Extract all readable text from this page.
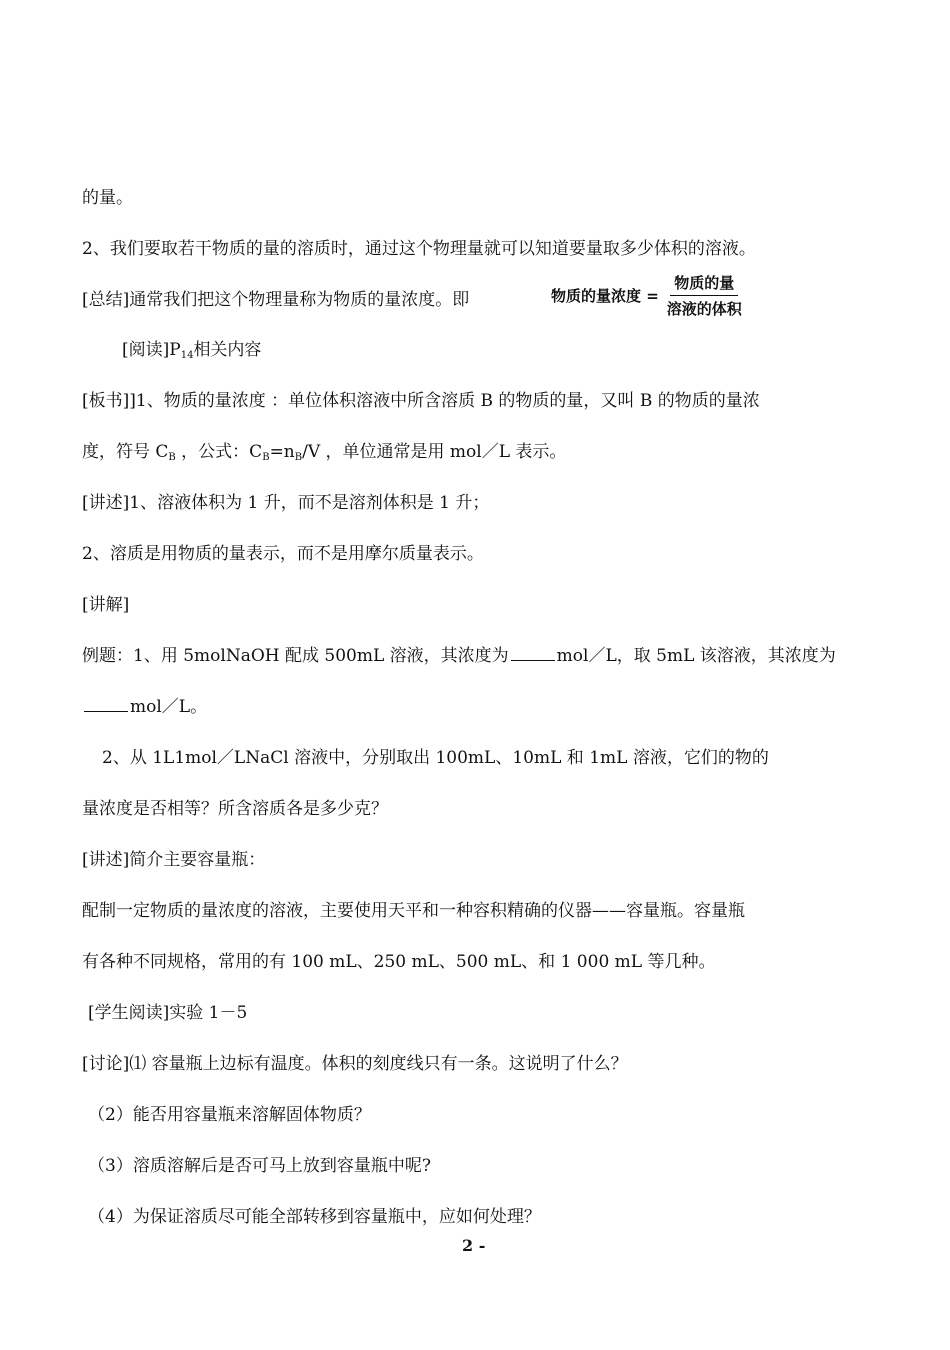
的量。
2、我们要取若干物质的量的溶质时，通过这个物理量就可以知道要量取多少体积的溶液。
[总结]通常我们把这个物理量称为物质的量浓度。即	物质的量浓度 = $\frac{\text{物质的量}}{\text{溶液的体积}}$
[阅读]$P_{14}$相关内容
[板书]]1、物质的量浓度 ：单位体积溶液中所含溶质 B 的物质的量，又叫 B 的物质的量浓
度，符号 $C_B$ ，公式：$C_B=n_B/V$ ，单位通常是用 mol／L 表示。
[讲述]1、溶液体积为 1 升，而不是溶剂体积是 1 升；
2、溶质是用物质的量表示，而不是用摩尔质量表示。
[讲解]
例题：1、用 5molNaOH 配成 500mL 溶液，其浓度为	mol／L，取 5mL 该溶液，其浓度为
mol／L。
2、从 1L1mol／LNaCl 溶液中，分别取出 100mL、10mL 和 1mL 溶液，它们的物的
量浓度是否相等？所含溶质各是多少克？
[讲述]简介主要容量瓶：
配制一定物质的量浓度的溶液，主要使用天平和一种容积精确的仪器——容量瓶。容量瓶
有各种不同规格，常用的有 100 mL、250 mL、500 mL、和 1 000 mL 等几种。
[学生阅读]实验 1－5
[讨论]⑴ 容量瓶上边标有温度。体积的刻度线只有一条。这说明了什么？
（2）能否用容量瓶来溶解固体物质？
（3）溶质溶解后是否可马上放到容量瓶中呢?
（4）为保证溶质尽可能全部转移到容量瓶中，应如何处理？
2 -
